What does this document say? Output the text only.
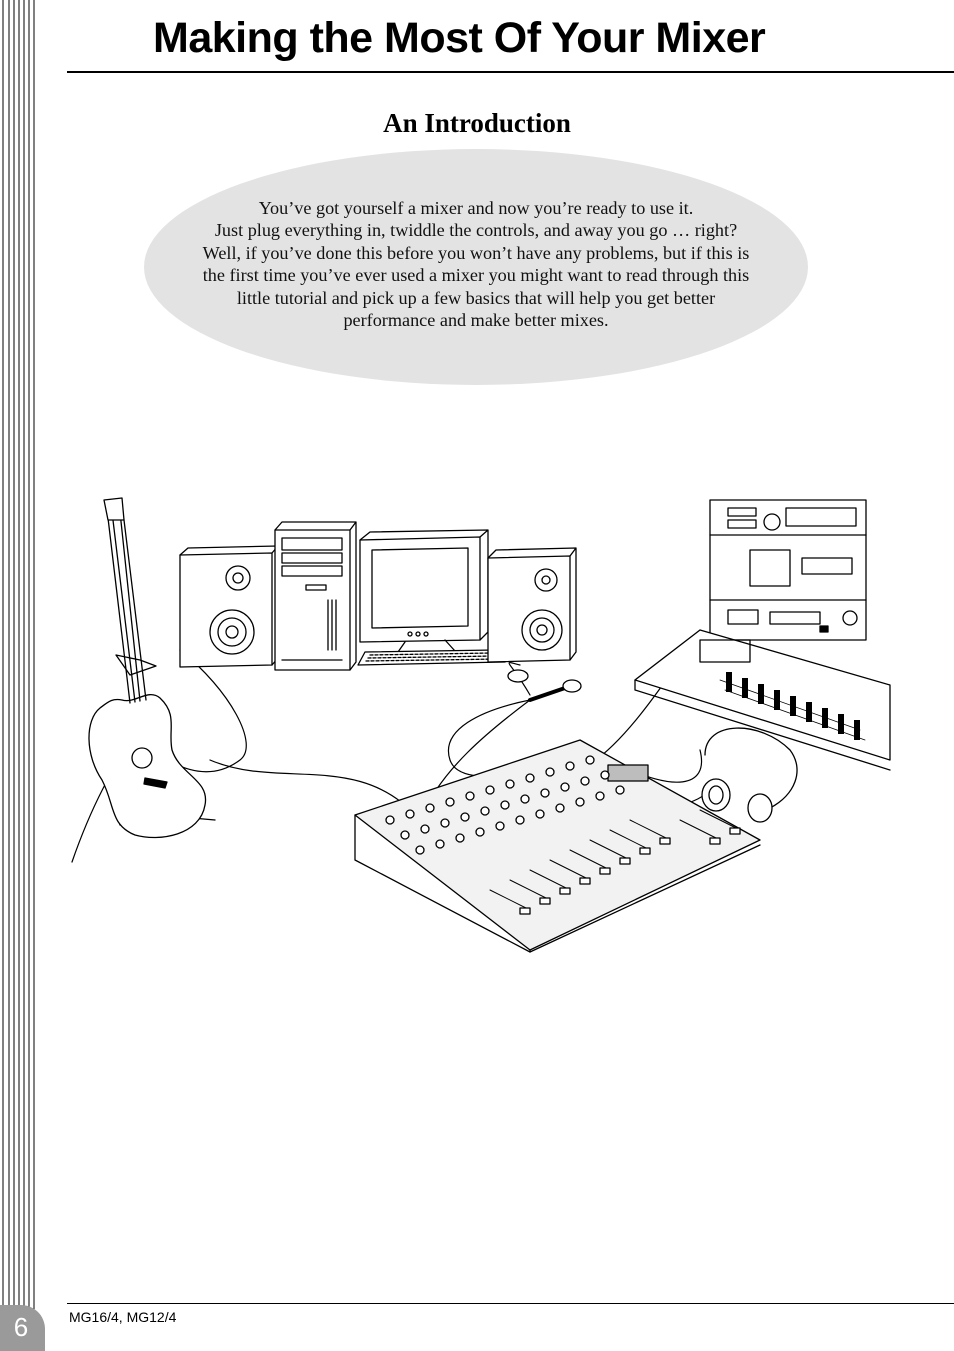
Making the Most Of Your Mixer
An Introduction

You’ve got yourself a mixer and now you’re ready to use it.
Just plug everything in, twiddle the controls, and away you go … right?
Well, if you’ve done this before you won’t have any problems, but if this is
the first time you’ve ever used a mixer you might want to read through this
little tutorial and pick up a few basics that will help you get better
performance and make better mixes.

MG16/4, MG12/4
6
